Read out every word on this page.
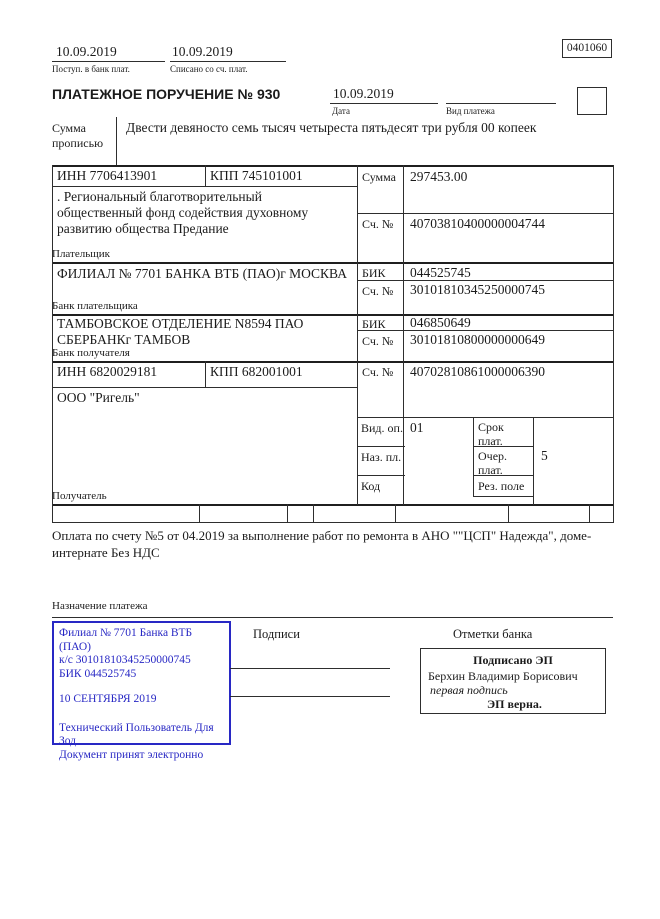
10.09.2019
Поступ. в банк плат.
10.09.2019
Списано со сч. плат.
0401060
ПЛАТЕЖНОЕ ПОРУЧЕНИЕ № 930	10.09.2019
Дата	Вид платежа
Сумма
прописью
Двести девяносто семь тысяч четыреста пятьдесят три рубля 00 копеек
ИНН 7706413901	КПП 745101001	Сумма 297453.00
. Региональный благотворительный
общественный фонд содействия духовному
развитию общества Предание	Сч. № 40703810400000004744
Плательщик
ФИЛИАЛ № 7701 БАНКА ВТБ (ПАО)г МОСКВА БИК 044525745
Сч. № 30101810345250000745
Банк плательщика
ТАМБОВСКОЕ ОТДЕЛЕНИЕ N8594 ПАО
СБЕРБАНКг ТАМБОВ
БИК 046850649
Сч. № 30101810800000000649
Банк получателя
ИНН 6820029181	КПП 682001001	Сч. № 40702810861000006390
ООО "Ригель"
Получатель
Вид. оп. 01	Срок плат.
Наз. пл.	Очер. плат.
5
Код	Рез. поле
Оплата по счету №5 от 04.2019 за выполнение работ по ремонта в АНО ""ЦСП" Надежда", доме-
интернате Без НДС
Назначение платежа
Филиал № 7701 Банка ВТБ (ПАО)
к/с 30101810345250000745
БИК 044525745
10 СЕНТЯБРЯ 2019
Технический Пользователь Для Зод
Документ принят электронно
Подписи	Отметки банка
Подписано ЭП
Берхин Владимир Борисович
первая подпись
ЭП верна.
